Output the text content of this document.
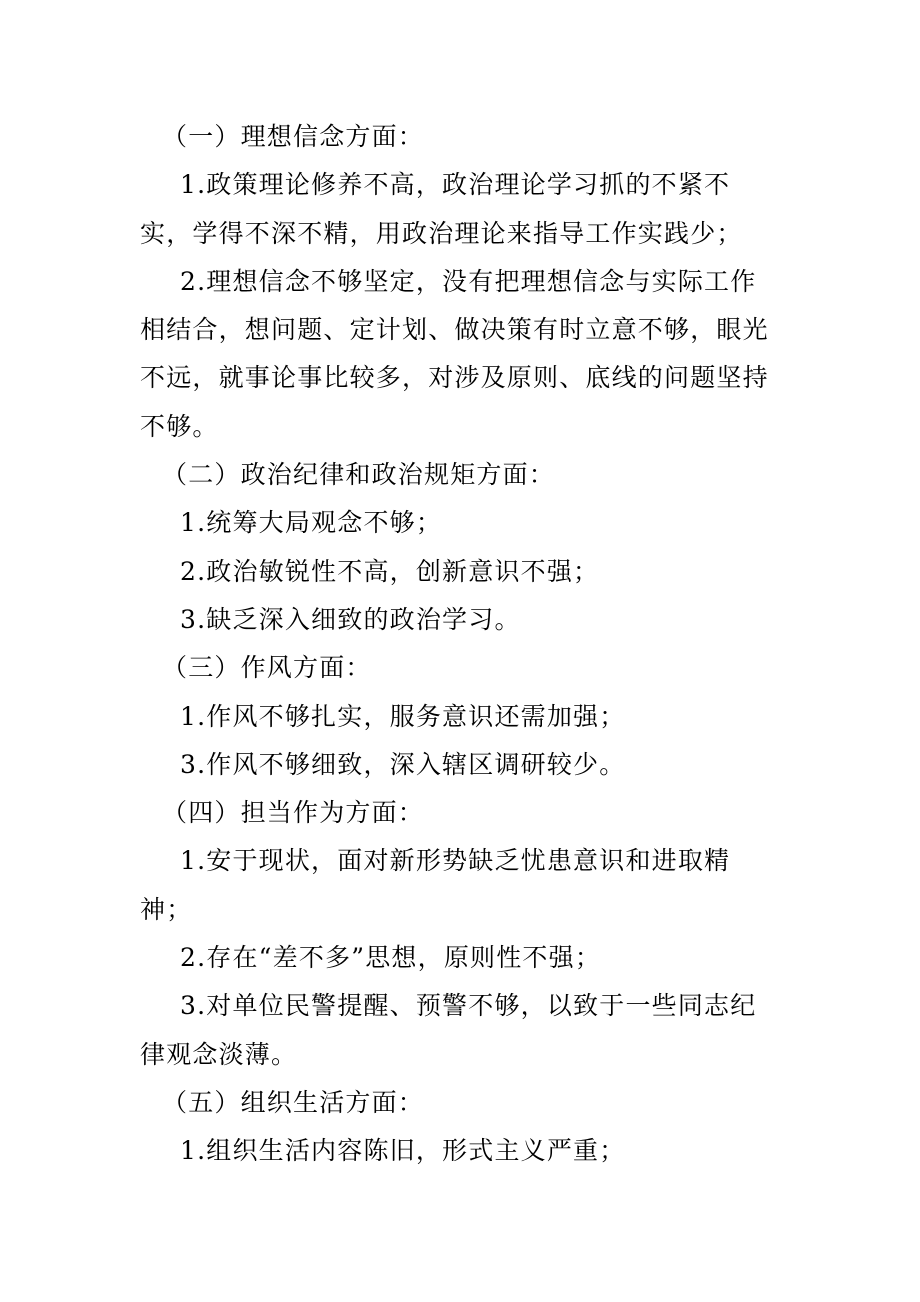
（一）理想信念方面：

1.政策理论修养不高，政治理论学习抓的不紧不实，学得不深不精，用政治理论来指导工作实践少；

2.理想信念不够坚定，没有把理想信念与实际工作相结合，想问题、定计划、做决策有时立意不够，眼光不远，就事论事比较多，对涉及原则、底线的问题坚持不够。

（二）政治纪律和政治规矩方面：

1.统筹大局观念不够；

2.政治敏锐性不高，创新意识不强；

3.缺乏深入细致的政治学习。

（三）作风方面：

1.作风不够扎实，服务意识还需加强；

3.作风不够细致，深入辖区调研较少。

（四）担当作为方面：

1.安于现状，面对新形势缺乏忧患意识和进取精神；

2.存在“差不多”思想，原则性不强；

3.对单位民警提醒、预警不够，以致于一些同志纪律观念淡薄。

（五）组织生活方面：

1.组织生活内容陈旧，形式主义严重；
